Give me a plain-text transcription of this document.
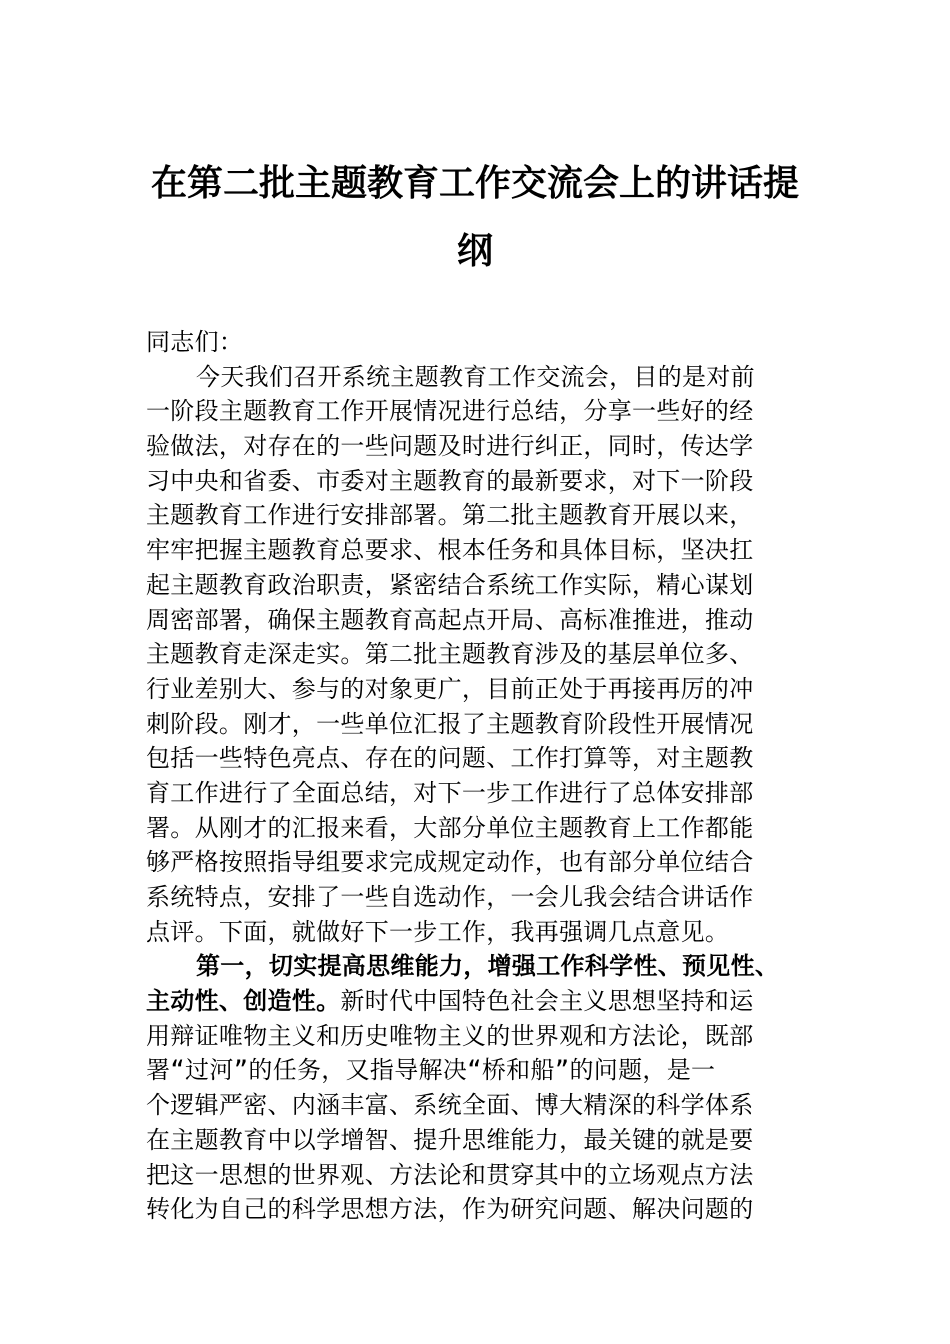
在第二批主题教育工作交流会上的讲话提
纲
同志们：
今天我们召开系统主题教育工作交流会，目的是对前
一阶段主题教育工作开展情况进行总结，分享一些好的经
验做法，对存在的一些问题及时进行纠正，同时，传达学
习中央和省委、市委对主题教育的最新要求，对下一阶段
主题教育工作进行安排部署。第二批主题教育开展以来，
牢牢把握主题教育总要求、根本任务和具体目标，坚决扛
起主题教育政治职责，紧密结合系统工作实际，精心谋划
周密部署，确保主题教育高起点开局、高标准推进，推动
主题教育走深走实。第二批主题教育涉及的基层单位多、
行业差别大、参与的对象更广，目前正处于再接再厉的冲
刺阶段。刚才，一些单位汇报了主题教育阶段性开展情况
包括一些特色亮点、存在的问题、工作打算等，对主题教
育工作进行了全面总结，对下一步工作进行了总体安排部
署。从刚才的汇报来看，大部分单位主题教育上工作都能
够严格按照指导组要求完成规定动作，也有部分单位结合
系统特点，安排了一些自选动作，一会儿我会结合讲话作
点评。下面，就做好下一步工作，我再强调几点意见。
第一，切实提高思维能力，增强工作科学性、预见性、
主动性、创造性。新时代中国特色社会主义思想坚持和运
用辩证唯物主义和历史唯物主义的世界观和方法论，既部
署“过河”的任务，又指导解决“桥和船”的问题，是一
个逻辑严密、内涵丰富、系统全面、博大精深的科学体系
在主题教育中以学增智、提升思维能力，最关键的就是要
把这一思想的世界观、方法论和贯穿其中的立场观点方法
转化为自己的科学思想方法，作为研究问题、解决问题的
